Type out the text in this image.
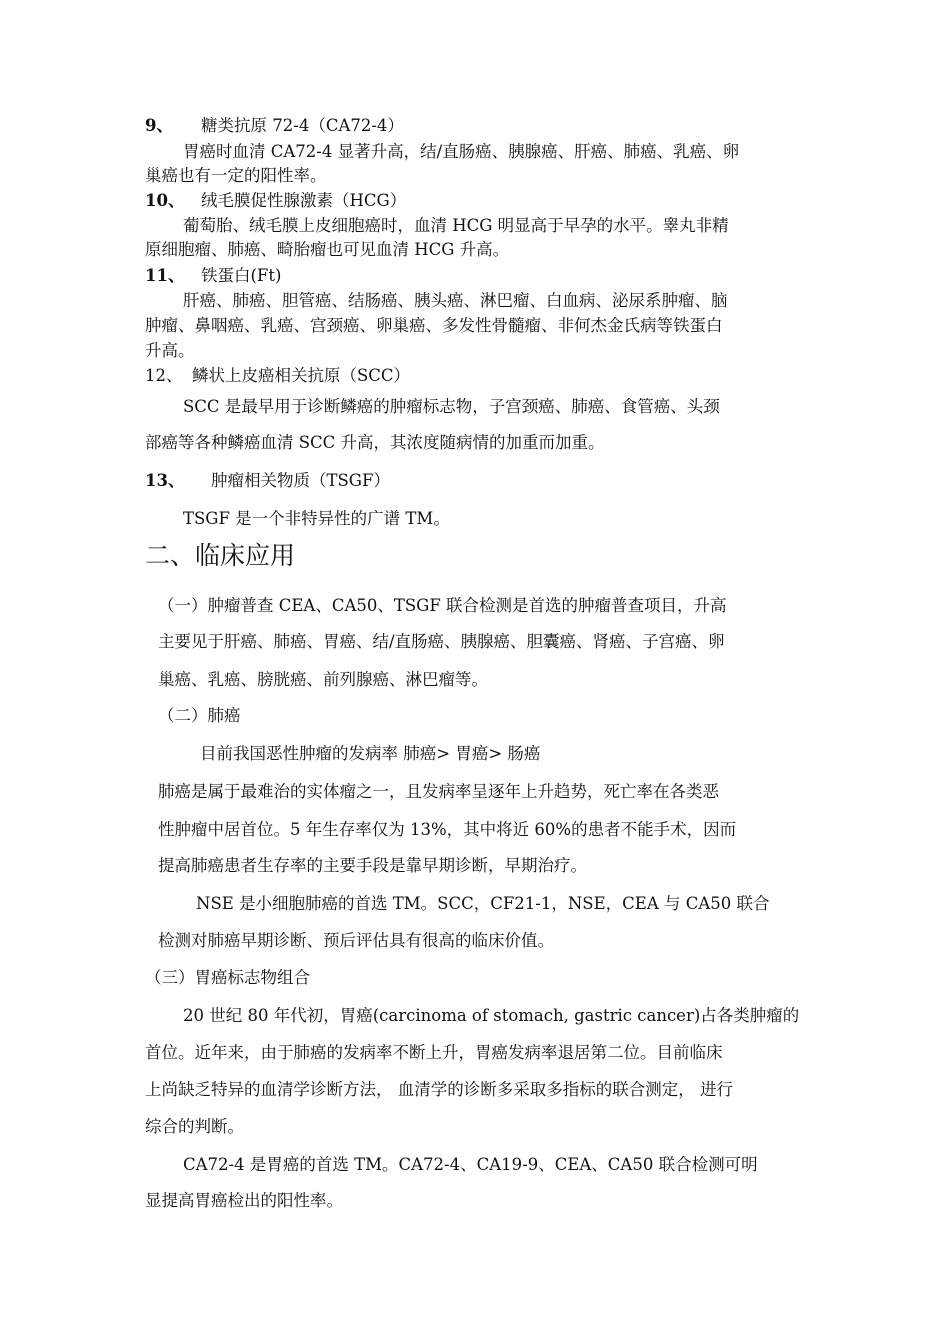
9、 糖类抗原 72-4（CA72-4）
胃癌时血清 CA72-4 显著升高，结/直肠癌、胰腺癌、肝癌、肺癌、乳癌、卵
巢癌也有一定的阳性率。
10、 绒毛膜促性腺激素（HCG）
葡萄胎、绒毛膜上皮细胞癌时，血清 HCG 明显高于早孕的水平。睾丸非精
原细胞瘤、肺癌、畸胎瘤也可见血清 HCG 升高。
11、 铁蛋白(Ft)
肝癌、肺癌、胆管癌、结肠癌、胰头癌、淋巴瘤、白血病、泌尿系肿瘤、脑
肿瘤、鼻咽癌、乳癌、宫颈癌、卵巢癌、多发性骨髓瘤、非何杰金氏病等铁蛋白
升高。
12、 鳞状上皮癌相关抗原（SCC）
SCC 是最早用于诊断鳞癌的肿瘤标志物，子宫颈癌、肺癌、食管癌、头颈
部癌等各种鳞癌血清 SCC 升高，其浓度随病情的加重而加重。
13、 肿瘤相关物质（TSGF）
TSGF 是一个非特异性的广谱 TM。
二、临床应用
（一）肿瘤普查 CEA、CA50、TSGF 联合检测是首选的肿瘤普查项目，升高
主要见于肝癌、肺癌、胃癌、结/直肠癌、胰腺癌、胆囊癌、肾癌、子宫癌、卵
巢癌、乳癌、膀胱癌、前列腺癌、淋巴瘤等。
（二）肺癌
目前我国恶性肿瘤的发病率 肺癌> 胃癌> 肠癌
肺癌是属于最难治的实体瘤之一，且发病率呈逐年上升趋势，死亡率在各类恶
性肿瘤中居首位。5 年生存率仅为 13%，其中将近 60%的患者不能手术，因而
提高肺癌患者生存率的主要手段是靠早期诊断，早期治疗。
NSE 是小细胞肺癌的首选 TM。SCC，CF21-1，NSE，CEA 与 CA50 联合
检测对肺癌早期诊断、预后评估具有很高的临床价值。
（三）胃癌标志物组合
20 世纪 80 年代初，胃癌(carcinoma of stomach, gastric cancer)占各类肿瘤的
首位。近年来，由于肺癌的发病率不断上升，胃癌发病率退居第二位。目前临床
上尚缺乏特异的血清学诊断方法， 血清学的诊断多采取多指标的联合测定， 进行
综合的判断。
CA72-4 是胃癌的首选 TM。CA72-4、CA19-9、CEA、CA50 联合检测可明
显提高胃癌检出的阳性率。
